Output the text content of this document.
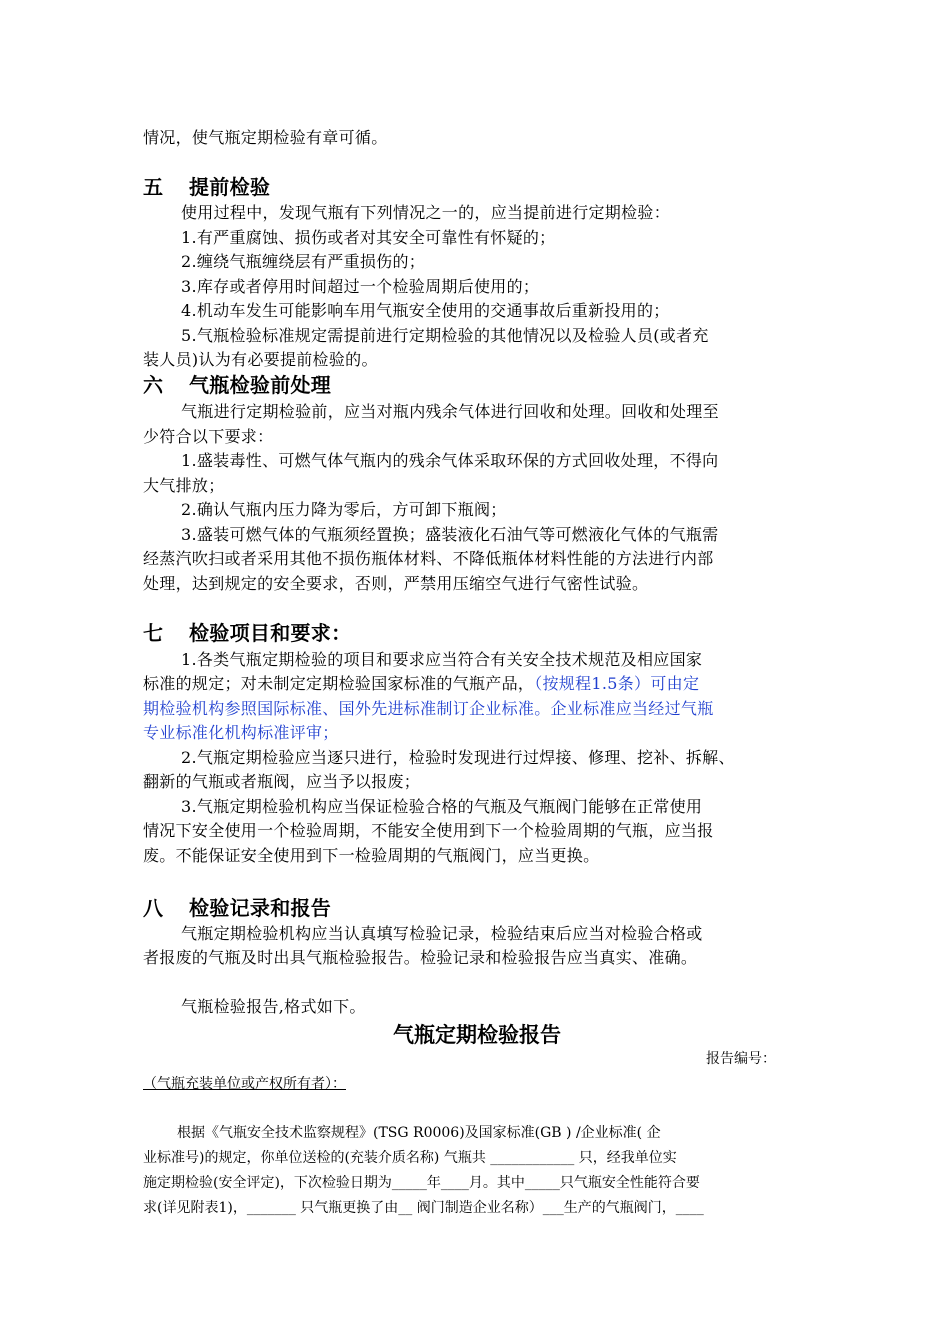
情况，使气瓶定期检验有章可循。
五 提前检验
使用过程中，发现气瓶有下列情况之一的，应当提前进行定期检验：
1.有严重腐蚀、损伤或者对其安全可靠性有怀疑的；
2.缠绕气瓶缠绕层有严重损伤的；
3.库存或者停用时间超过一个检验周期后使用的；
4.机动车发生可能影响车用气瓶安全使用的交通事故后重新投用的；
5.气瓶检验标准规定需提前进行定期检验的其他情况以及检验人员(或者充
装人员)认为有必要提前检验的。
六 气瓶检验前处理
气瓶进行定期检验前，应当对瓶内残余气体进行回收和处理。回收和处理至
少符合以下要求：
1.盛装毒性、可燃气体气瓶内的残余气体采取环保的方式回收处理，不得向
大气排放；
2.确认气瓶内压力降为零后，方可卸下瓶阀；
3.盛装可燃气体的气瓶须经置换；盛装液化石油气等可燃液化气体的气瓶需
经蒸汽吹扫或者采用其他不损伤瓶体材料、不降低瓶体材料性能的方法进行内部
处理，达到规定的安全要求，否则，严禁用压缩空气进行气密性试验。
七 检验项目和要求：
1.各类气瓶定期检验的项目和要求应当符合有关安全技术规范及相应国家
标准的规定；对未制定定期检验国家标准的气瓶产品，（按规程1.5条）可由定
期检验机构参照国际标准、国外先进标准制订企业标准。企业标准应当经过气瓶
专业标准化机构标准评审；
2.气瓶定期检验应当逐只进行，检验时发现进行过焊接、修理、挖补、拆解、
翻新的气瓶或者瓶阀，应当予以报废；
3.气瓶定期检验机构应当保证检验合格的气瓶及气瓶阀门能够在正常使用
情况下安全使用一个检验周期，不能安全使用到下一个检验周期的气瓶，应当报
废。不能保证安全使用到下一检验周期的气瓶阀门，应当更换。
八 检验记录和报告
气瓶定期检验机构应当认真填写检验记录，检验结束后应当对检验合格或
者报废的气瓶及时出具气瓶检验报告。检验记录和检验报告应当真实、准确。
气瓶检验报告,格式如下。
气瓶定期检验报告
报告编号：
（气瓶充装单位或产权所有者）：
根据《气瓶安全技术监察规程》(TSG R0006)及国家标准(GB ) /企业标准( 企
业标准号)的规定，你单位送检的(充装介质名称) 气瓶共 ____________ 只，经我单位实
施定期检验(安全评定)，下次检验日期为_____年____月。其中_____只气瓶安全性能符合要
求(详见附表1)，_______ 只气瓶更换了由__ 阀门制造企业名称）___生产的气瓶阀门，____
